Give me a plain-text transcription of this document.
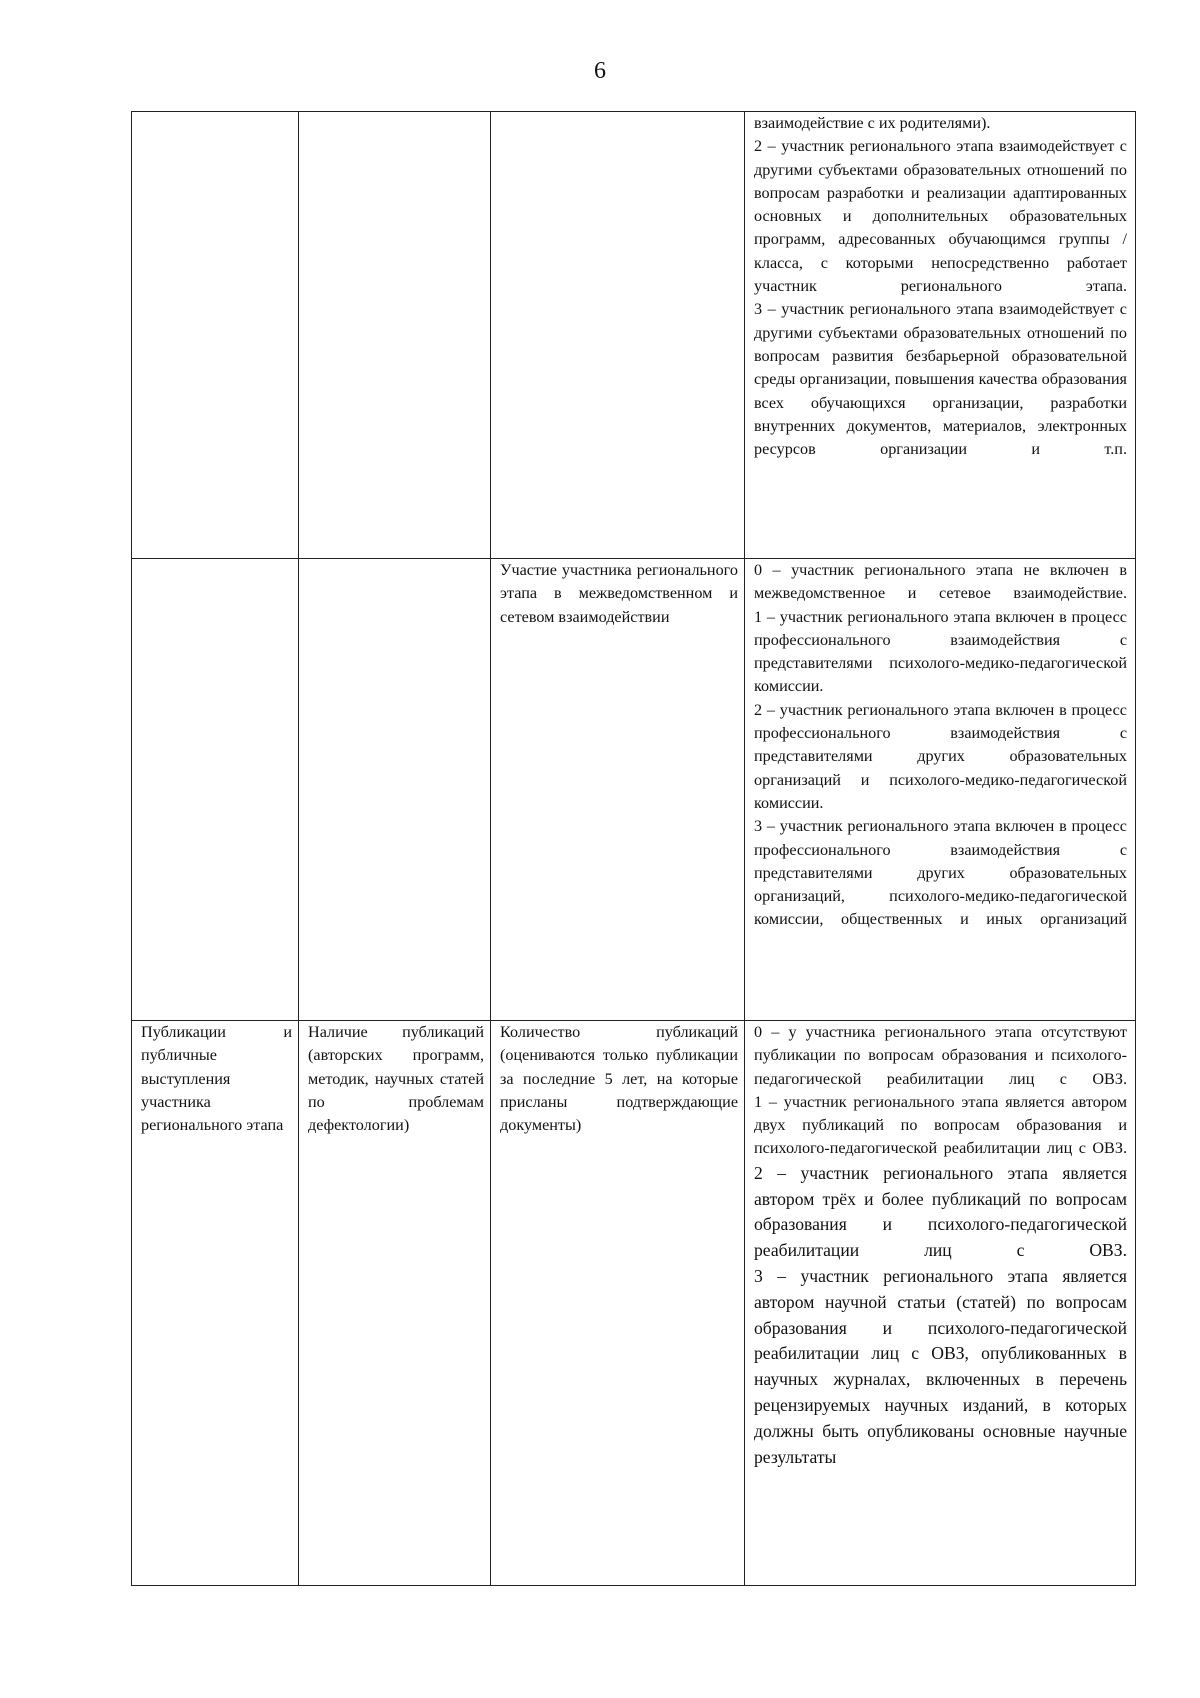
6

			взаимодействие с их родителями).
2 – участник регионального этапа взаимодействует с другими субъектами образовательных отношений по вопросам разработки и реализации адаптированных основных и дополнительных образовательных программ, адресованных обучающимся группы / класса, с которыми непосредственно работает участник регионального этапа.
3 – участник регионального этапа взаимодействует с другими субъектами образовательных отношений по вопросам развития безбарьерной образовательной среды организации, повышения качества образования всех обучающихся организации, разработки внутренних документов, материалов, электронных ресурсов организации и т.п.

		Участие участника регионального этапа в межведомственном и сетевом взаимодействии	0 – участник регионального этапа не включен в межведомственное и сетевое взаимодействие.
1 – участник регионального этапа включен в процесс профессионального взаимодействия с представителями психолого-медико-педагогической комиссии.
2 – участник регионального этапа включен в процесс профессионального взаимодействия с представителями других образовательных организаций и психолого-медико-педагогической комиссии.
3 – участник регионального этапа включен в процесс профессионального взаимодействия с представителями других образовательных организаций, психолого-медико-педагогической комиссии, общественных и иных организаций

Публикации и публичные выступления участника регионального этапа	Наличие публикаций (авторских программ, методик, научных статей по проблемам дефектологии)	Количество публикаций (оцениваются только публикации за последние 5 лет, на которые присланы подтверждающие документы)	0 – у участника регионального этапа отсутствуют публикации по вопросам образования и психолого-педагогической реабилитации лиц с ОВЗ.
1 – участник регионального этапа является автором двух публикаций по вопросам образования и психолого-педагогической реабилитации лиц с ОВЗ.
2 – участник регионального этапа является автором трёх и более публикаций по вопросам образования и психолого-педагогической реабилитации лиц с ОВЗ.
3 – участник регионального этапа является автором научной статьи (статей) по вопросам образования и психолого-педагогической реабилитации лиц с ОВЗ, опубликованных в научных журналах, включенных в перечень рецензируемых научных изданий, в которых должны быть опубликованы основные научные результаты
